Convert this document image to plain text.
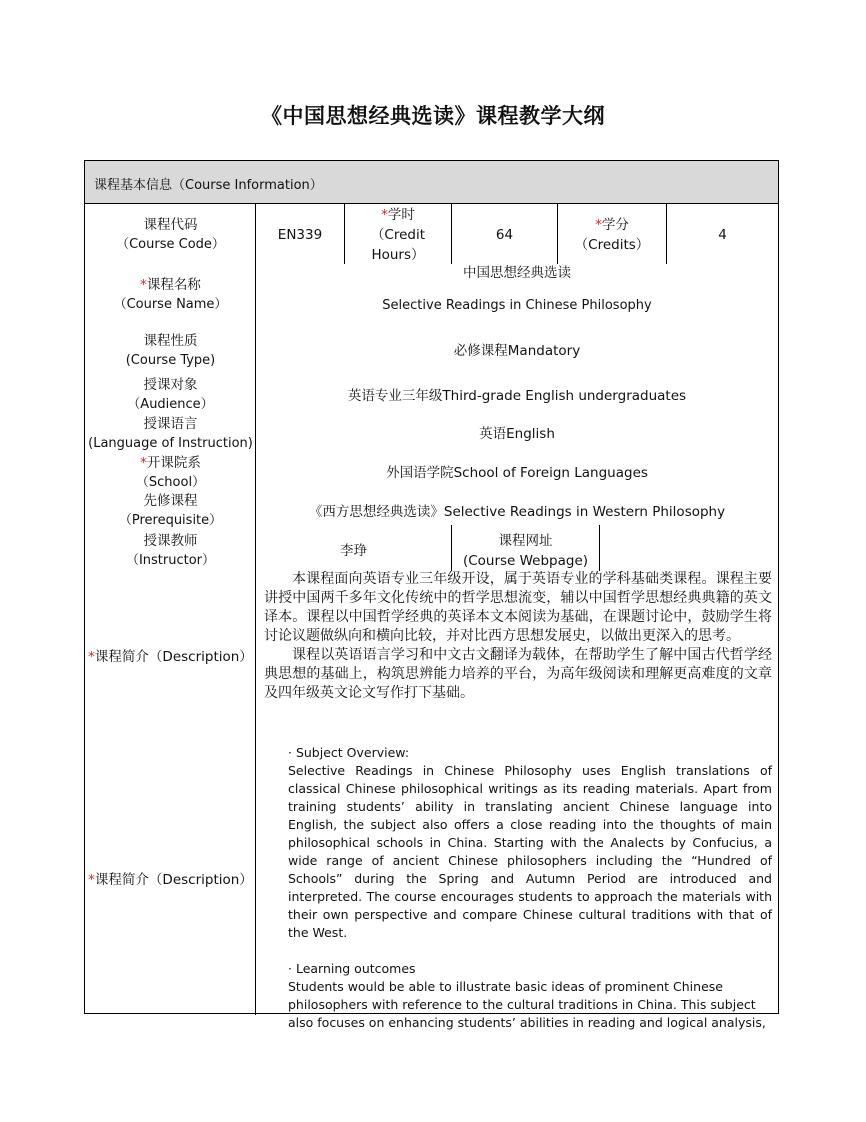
《中国思想经典选读》课程教学大纲
课程基本信息（Course Information）
课程代码
（Course Code）
EN339
*学时
（Credit
Hours）
64
*学分
（Credits）
4
*课程名称
（Course Name）
中国思想经典选读
Selective Readings in Chinese Philosophy
课程性质
(Course Type)
必修课程Mandatory
授课对象
（Audience）
英语专业三年级Third-grade English undergraduates
授课语言
(Language of Instruction)
英语English
*开课院系
（School）
外国语学院School of Foreign Languages
先修课程
（Prerequisite）
《西方思想经典选读》Selective Readings in Western Philosophy
授课教师
（Instructor）
李琤
课程网址
(Course Webpage)
*课程简介（Description）

本课程面向英语专业三年级开设，属于英语专业的学科基础类课程。课程主要讲授中国两千多年文化传统中的哲学思想流变，辅以中国哲学思想经典典籍的英文译本。课程以中国哲学经典的英译本文本阅读为基础，在课题讨论中，鼓励学生将讨论议题做纵向和横向比较，并对比西方思想发展史，以做出更深入的思考。

课程以英语语言学习和中文古文翻译为载体，在帮助学生了解中国古代哲学经典思想的基础上，构筑思辨能力培养的平台，为高年级阅读和理解更高难度的文章及四年级英文论文写作打下基础。

*课程简介（Description）

· Subject Overview:

Selective Readings in Chinese Philosophy uses English translations of classical Chinese philosophical writings as its reading materials. Apart from training students’ ability in translating ancient Chinese language into English, the subject also offers a close reading into the thoughts of main philosophical schools in China. Starting with the Analects by Confucius, a wide range of ancient Chinese philosophers including the “Hundred of Schools” during the Spring and Autumn Period are introduced and interpreted. The course encourages students to approach the materials with their own perspective and compare Chinese cultural traditions with that of the West.

· Learning outcomes

Students would be able to illustrate basic ideas of prominent Chinese philosophers with reference to the cultural traditions in China. This subject also focuses on enhancing students’ abilities in reading and logical analysis,
